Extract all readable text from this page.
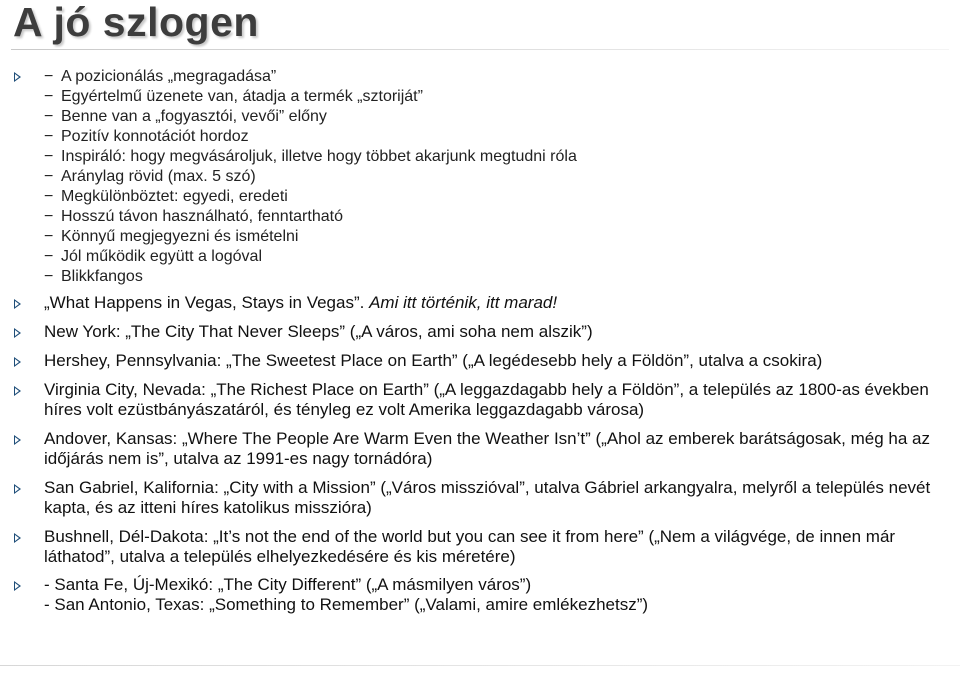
A jó szlogen
− A pozicionálás „megragadása”
− Egyértelmű üzenete van, átadja a termék „sztoriját”
− Benne van a „fogyasztói, vevői” előny
− Pozitív konnotációt hordoz
− Inspiráló: hogy megvásároljuk, illetve hogy többet akarjunk megtudni róla
− Aránylag rövid (max. 5 szó)
− Megkülönböztet: egyedi, eredeti
− Hosszú távon használható, fenntartható
− Könnyű megjegyezni és ismételni
− Jól működik együtt a logóval
− Blikkfangos
„What Happens in Vegas, Stays in Vegas”. Ami itt történik, itt marad!
New York: „The City That Never Sleeps” („A város, ami soha nem alszik”)
Hershey, Pennsylvania: „The Sweetest Place on Earth” („A legédesebb hely a Földön”, utalva a csokira)
Virginia City, Nevada: „The Richest Place on Earth” („A leggazdagabb hely a Földön”, a település az 1800-as években híres volt ezüstbányászatáról, és tényleg ez volt Amerika leggazdagabb városa)
Andover, Kansas: „Where The People Are Warm Even the Weather Isn’t” („Ahol az emberek barátságosak, még ha az időjárás nem is”, utalva az 1991-es nagy tornádóra)
San Gabriel, Kalifornia: „City with a Mission” („Város misszióval”, utalva Gábriel arkangyalra, melyről a település nevét kapta, és az itteni híres katolikus misszióra)
Bushnell, Dél-Dakota: „It’s not the end of the world but you can see it from here” („Nem a világvége, de innen már láthatod”, utalva a település elhelyezkedésére és kis méretére)
- Santa Fe, Új-Mexikó: „The City Different” („A másmilyen város”)
- San Antonio, Texas: „Something to Remember” („Valami, amire emlékezhetsz”)
